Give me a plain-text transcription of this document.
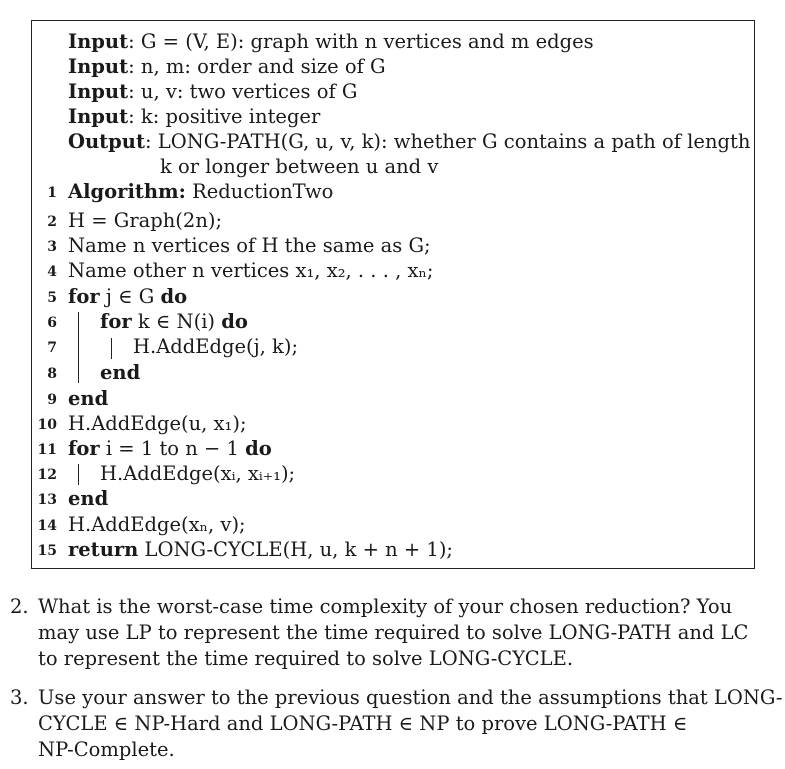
Input: G = (V, E): graph with n vertices and m edges
Input: n, m: order and size of G
Input: u, v: two vertices of G
Input: k: positive integer
Output: LONG-PATH(G, u, v, k): whether G contains a path of length
k or longer between u and v
1 Algorithm: ReductionTwo
2 H = Graph(2n);
3 Name n vertices of H the same as G;
4 Name other n vertices x₁, x₂, . . . , xₙ;
5 for j ∈ G do
6 for k ∈ N(i) do
7	H.AddEdge(j, k);
8 end
9 end
10 H.AddEdge(u, x₁);
11 for i = 1 to n − 1 do
12 H.AddEdge(xᵢ, xᵢ₊₁);
13 end
14 H.AddEdge(xₙ, v);
15 return LONG-CYCLE(H, u, k + n + 1);
2. What is the worst-case time complexity of your chosen reduction? You
may use LP to represent the time required to solve LONG-PATH and LC
to represent the time required to solve LONG-CYCLE.
3. Use your answer to the previous question and the assumptions that LONG-
CYCLE ∈ NP-Hard and LONG-PATH ∈ NP to prove LONG-PATH ∈
NP-Complete.
